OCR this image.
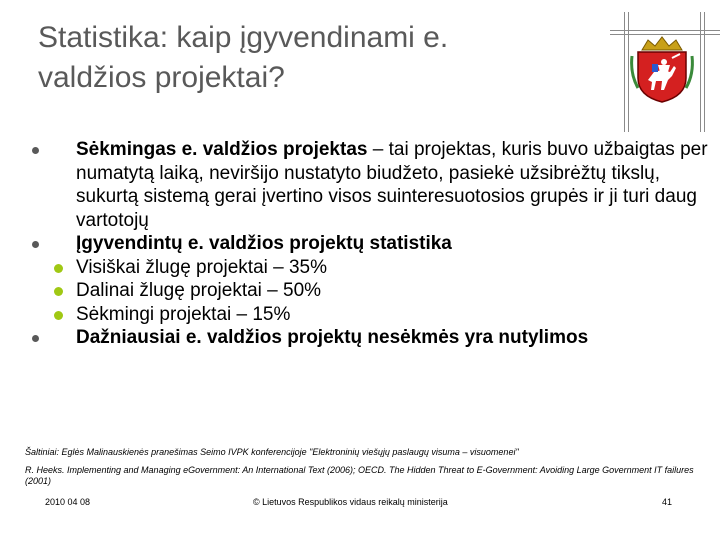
Statistika: kaip įgyvendinami e.
valdžios projektai?
Sėkmingas e. valdžios projektas – tai projektas, kuris buvo užbaigtas per numatytą laiką, neviršijo nustatyto biudžeto, pasiekė užsibrėžtų tikslų, sukurtą sistemą gerai įvertino visos suinteresuotosios grupės ir ji turi daug vartotojų
Įgyvendintų e. valdžios projektų statistika
Visiškai žlugę projektai – 35%
Dalinai žlugę projektai – 50%
Sėkmingi projektai – 15%
Dažniausiai e. valdžios projektų nesėkmės yra nutylimos
Šaltiniai: Eglės Malinauskienės pranešimas Seimo IVPK konferencijoje "Elektroninių viešųjų paslaugų visuma – visuomenei"
R. Heeks. Implementing and Managing eGovernment: An International Text (2006); OECD. The Hidden Threat to E-Government: Avoiding Large Government IT failures (2001)
2010 04 08	© Lietuvos Respublikos vidaus reikalų ministerija	41
